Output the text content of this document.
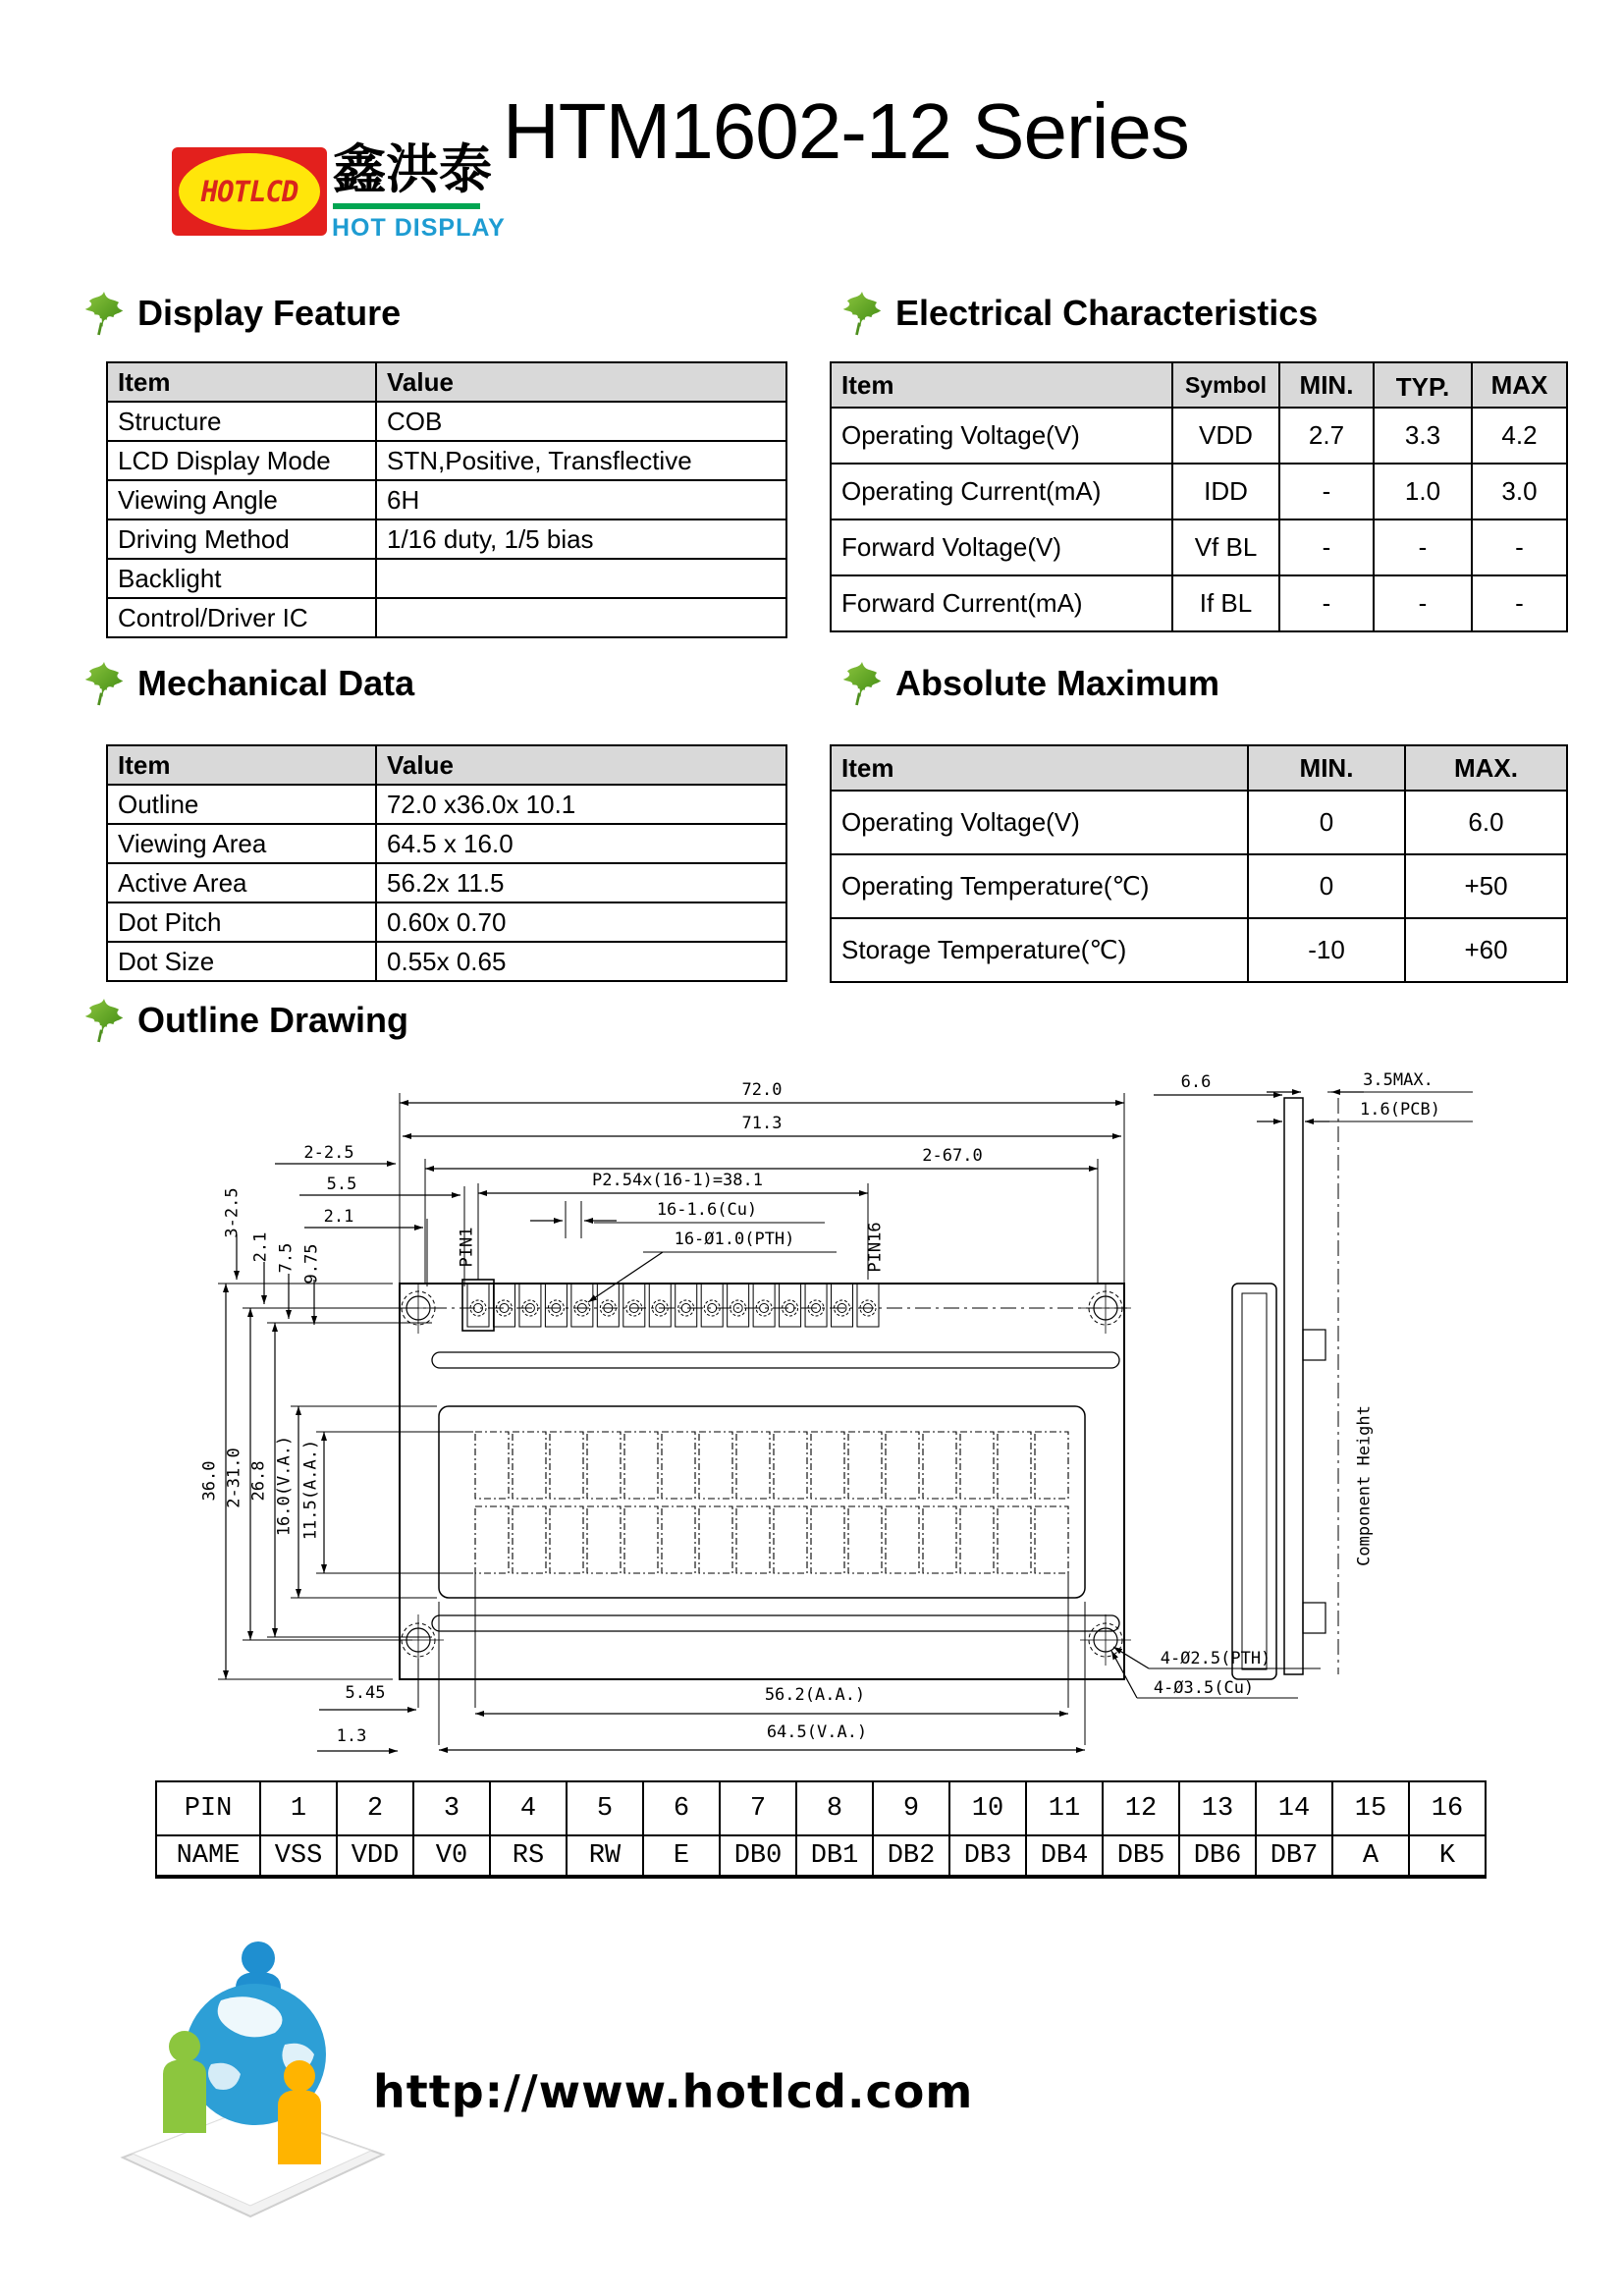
HOTLCD 鑫洪泰
HOT DISPLAY
HTM1602-12 Series
Display Feature	Electrical Characteristics
Mechanical Data	Absolute Maximum
Outline Drawing
Item	Value
Structure	COB
LCD Display Mode	STN,Positive, Transflective
Viewing Angle	6H
Driving Method	1/16 duty, 1/5 bias
Backlight	
Control/Driver IC	
Item	Symbol	MIN.	TYP.	MAX
Operating Voltage(V)	VDD	2.7	3.3	4.2
Operating Current(mA)	IDD	-	1.0	3.0
Forward Voltage(V)	Vf BL	-	-	-
Forward Current(mA)	If BL	-	-	-
Item	Value
Outline	72.0 x36.0x 10.1
Viewing Area	64.5 x 16.0
Active Area	56.2x 11.5
Dot Pitch	0.60x 0.70
Dot Size	0.55x 0.65
Item	MIN.	MAX.
Operating Voltage(V)	0	6.0
Operating Temperature(℃)	0	+50
Storage Temperature(℃)	-10	+60
72.0
71.3
2-67.0
2-2.5
5.5
2.1
P2.54x(16-1)=38.1
16-1.6(Cu)
16-Ø1.0(PTH)
PIN1	PIN16
3-2.5
2.1 7.5 9.75
36.0 2-31.0 26.8 16.0(V.A.) 11.5(A.A.)
6.6	3.5MAX.
1.6(PCB)
Component Height
5.45
1.3
56.2(A.A.)
64.5(V.A.)
4-Ø2.5(PTH)
4-Ø3.5(Cu)
PIN	1	2	3	4	5	6	7	8	9	10	11	12	13	14	15	16
NAME	VSS	VDD	V0	RS	RW	E	DB0	DB1	DB2	DB3	DB4	DB5	DB6	DB7	A	K
http://www.hotlcd.com
